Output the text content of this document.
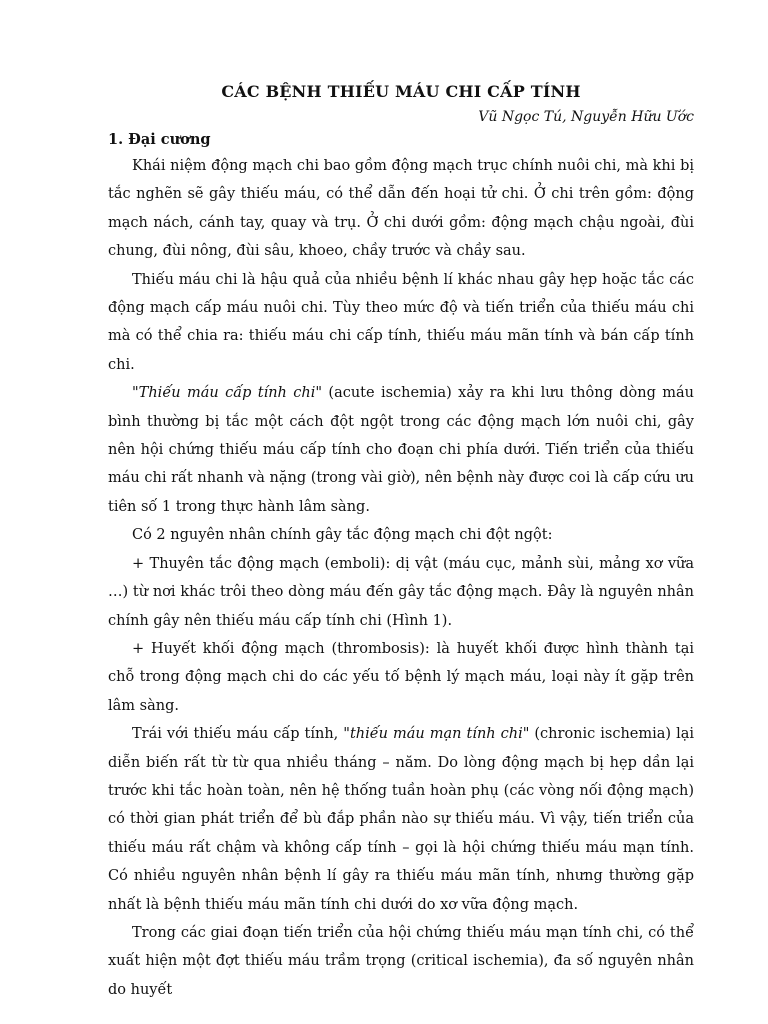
CÁC BỆNH THIẾU MÁU CHI CẤP TÍNH

Vũ Ngọc Tú, Nguyễn Hữu Ước

1. Đại cương

Khái niệm động mạch chi bao gồm động mạch trục chính nuôi chi, mà khi bị tắc nghẽn sẽ gây thiếu máu, có thể dẫn đến hoại tử chi. Ở chi trên gồm: động mạch nách, cánh tay, quay và trụ. Ở chi dưới gồm: động mạch chậu ngoài, đùi chung, đùi nông, đùi sâu, khoeo, chầy trước và chầy sau.

Thiếu máu chi là hậu quả của nhiều bệnh lí khác nhau gây hẹp hoặc tắc các động mạch cấp máu nuôi chi. Tùy theo mức độ và tiến triển của thiếu máu chi mà có thể chia ra: thiếu máu chi cấp tính, thiếu máu mãn tính và bán cấp tính chi.

"Thiếu máu cấp tính chi" (acute ischemia) xảy ra khi lưu thông dòng máu bình thường bị tắc một cách đột ngột trong các động mạch lớn nuôi chi, gây nên hội chứng thiếu máu cấp tính cho đoạn chi phía dưới. Tiến triển của thiếu máu chi rất nhanh và nặng (trong vài giờ), nên bệnh này được coi là cấp cứu ưu tiên số 1 trong thực hành lâm sàng.

Có 2 nguyên nhân chính gây tắc động mạch chi đột ngột:

+ Thuyên tắc động mạch (emboli): dị vật (máu cục, mảnh sùi, mảng xơ vữa …) từ nơi khác trôi theo dòng máu đến gây tắc động mạch. Đây là nguyên nhân chính gây nên thiếu máu cấp tính chi (Hình 1).

+ Huyết khối động mạch (thrombosis): là huyết khối được hình thành tại chỗ trong động mạch chi do các yếu tố bệnh lý mạch máu, loại này ít gặp trên lâm sàng.

Trái với thiếu máu cấp tính, "thiếu máu mạn tính chi" (chronic ischemia) lại diễn biến rất từ từ qua nhiều tháng – năm. Do lòng động mạch bị hẹp dần lại trước khi tắc hoàn toàn, nên hệ thống tuần hoàn phụ (các vòng nối động mạch) có thời gian phát triển để bù đắp phần nào sự thiếu máu. Vì vậy, tiến triển của thiếu máu rất chậm và không cấp tính – gọi là hội chứng thiếu máu mạn tính. Có nhiều nguyên nhân bệnh lí gây ra thiếu máu mãn tính, nhưng thường gặp nhất là bệnh thiếu máu mãn tính chi dưới do xơ vữa động mạch.

Trong các giai đoạn tiến triển của hội chứng thiếu máu mạn tính chi, có thể xuất hiện một đợt thiếu máu trầm trọng (critical ischemia), đa số nguyên nhân do huyết
